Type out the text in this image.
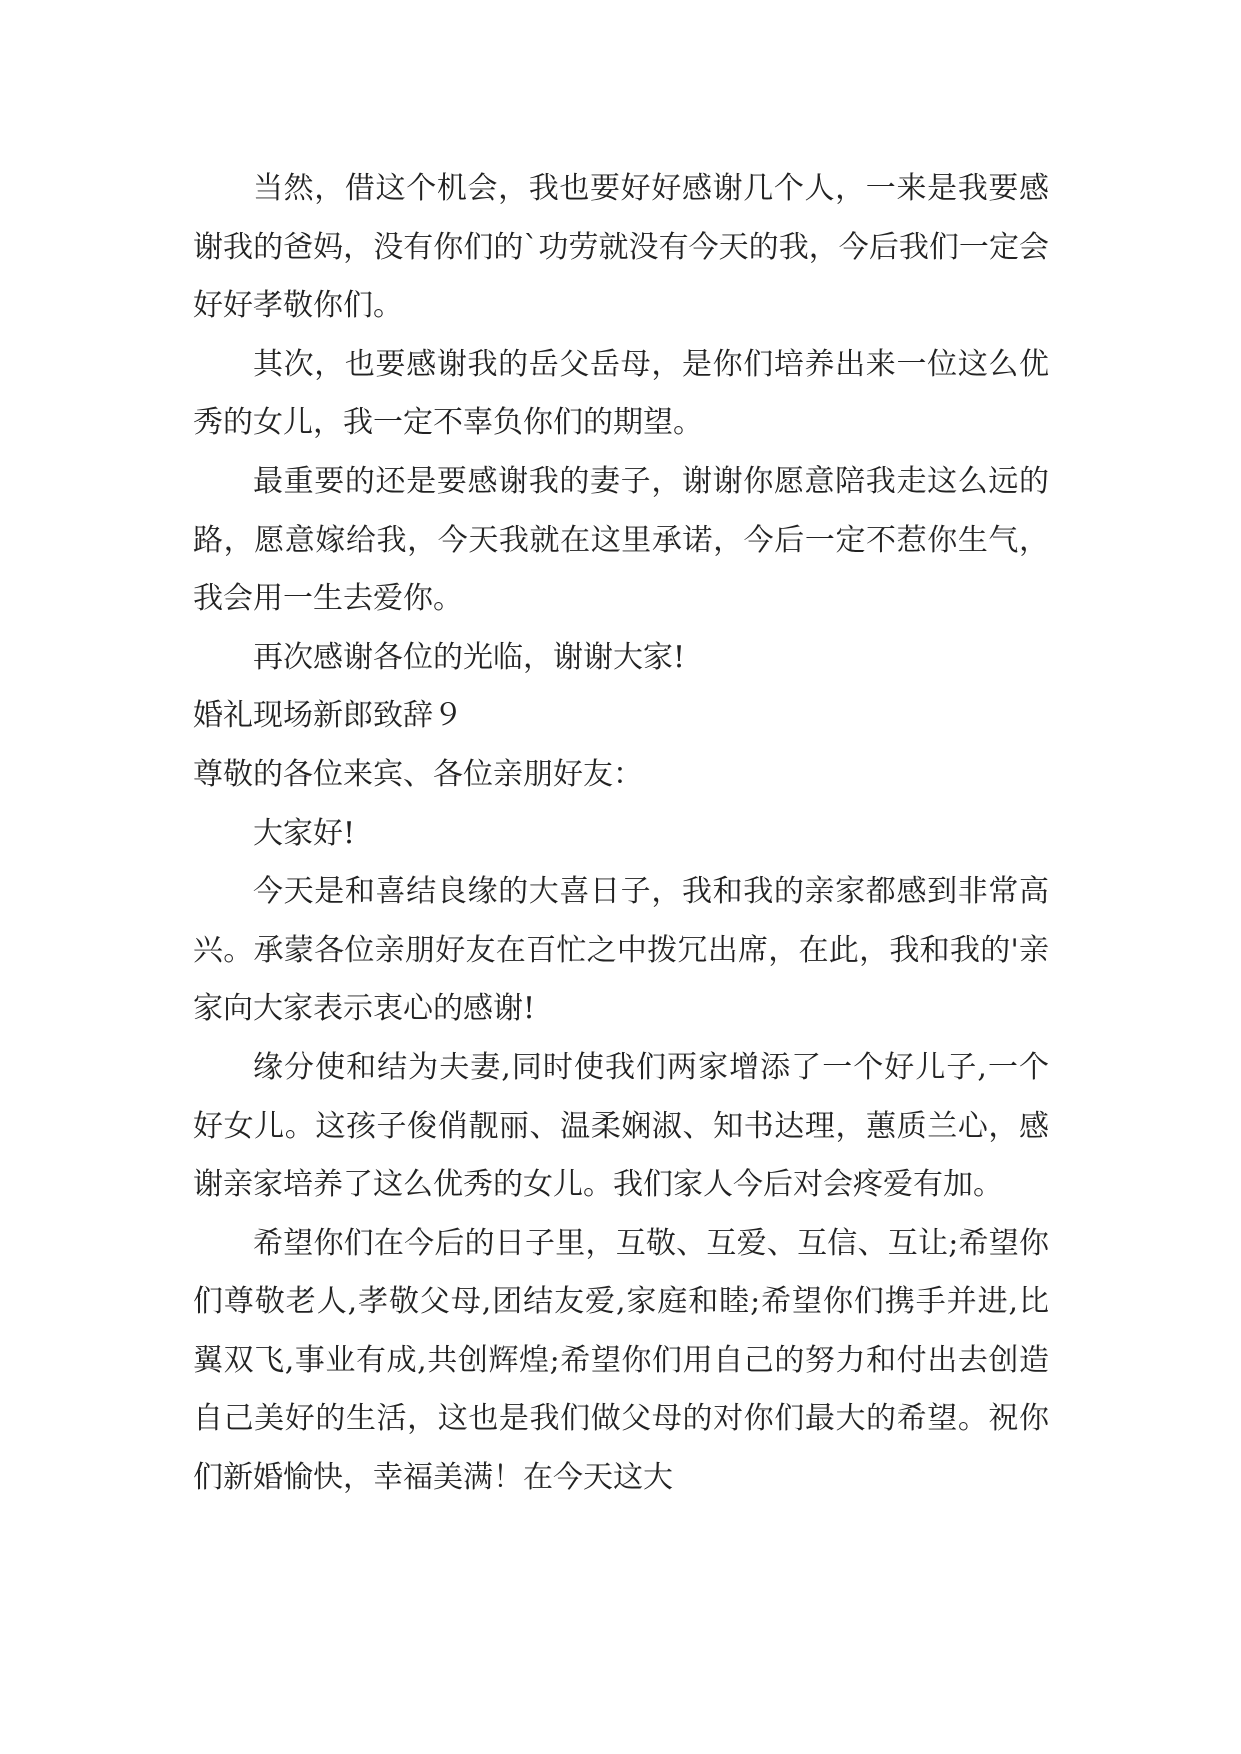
当然，借这个机会，我也要好好感谢几个人，一来是我要感谢我的爸妈，没有你们的`功劳就没有今天的我，今后我们一定会好好孝敬你们。

其次，也要感谢我的岳父岳母，是你们培养出来一位这么优秀的女儿，我一定不辜负你们的期望。

最重要的还是要感谢我的妻子，谢谢你愿意陪我走这么远的路，愿意嫁给我，今天我就在这里承诺，今后一定不惹你生气，我会用一生去爱你。

再次感谢各位的光临，谢谢大家!

婚礼现场新郎致辞９

尊敬的各位来宾、各位亲朋好友：

大家好!

今天是和喜结良缘的大喜日子，我和我的亲家都感到非常高兴。承蒙各位亲朋好友在百忙之中拨冗出席，在此，我和我的'亲家向大家表示衷心的感谢!

缘分使和结为夫妻,同时使我们两家增添了一个好儿子,一个好女儿。这孩子俊俏靓丽、温柔娴淑、知书达理，蕙质兰心，感谢亲家培养了这么优秀的女儿。我们家人今后对会疼爱有加。

希望你们在今后的日子里，互敬、互爱、互信、互让;希望你们尊敬老人,孝敬父母,团结友爱,家庭和睦;希望你们携手并进,比翼双飞,事业有成,共创辉煌;希望你们用自己的努力和付出去创造自己美好的生活，这也是我们做父母的对你们最大的希望。祝你们新婚愉快，幸福美满！在今天这大
